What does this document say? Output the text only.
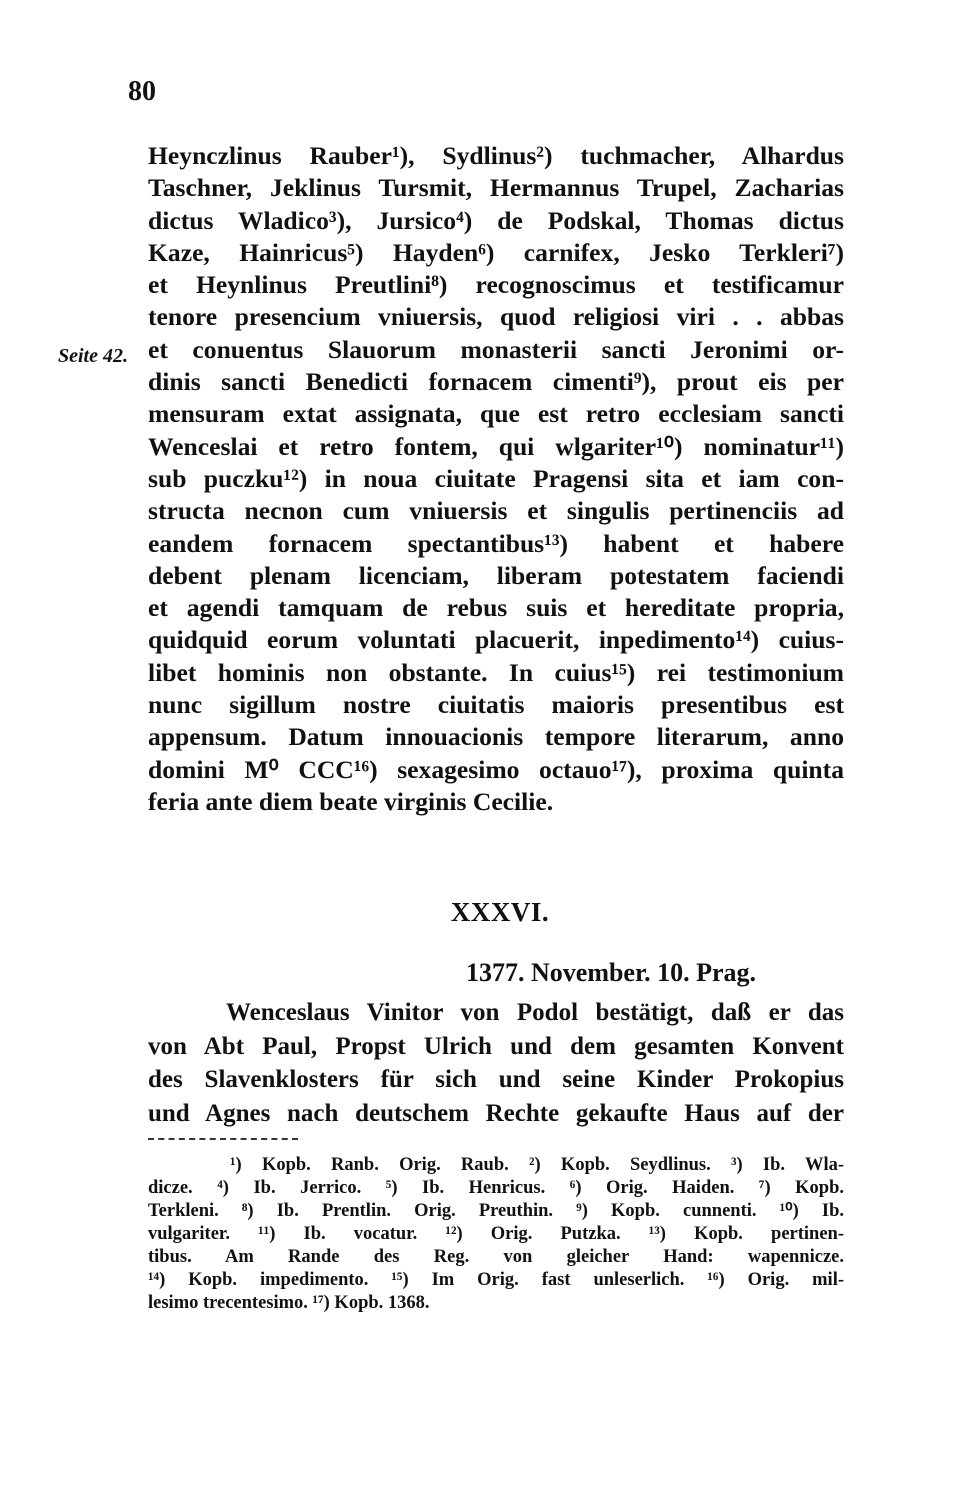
80
Seite 42.
Heynczlinus Rauber¹), Sydlinus²) tuchmacher, Alhardus
Taschner, Jeklinus Tursmit, Hermannus Trupel, Zacharias
dictus Wladico³), Jursico⁴) de Podskal, Thomas dictus
Kaze, Hainricus⁵) Hayden⁶) carnifex, Jesko Terkleri⁷)
et Heynlinus Preutlini⁸) recognoscimus et testificamur
tenore presencium vniuersis, quod religiosi viri . . abbas
et conuentus Slauorum monasterii sancti Jeronimi or-
dinis sancti Benedicti fornacem cimenti⁹), prout eis per
mensuram extat assignata, que est retro ecclesiam sancti
Wenceslai et retro fontem, qui wlgariter¹⁰) nominatur¹¹)
sub puczku¹²) in noua ciuitate Pragensi sita et iam con-
structa necnon cum vniuersis et singulis pertinenciis ad
eandem fornacem spectantibus¹³) habent et habere
debent plenam licenciam, liberam potestatem faciendi
et agendi tamquam de rebus suis et hereditate propria,
quidquid eorum voluntati placuerit, inpedimento¹⁴) cuius-
libet hominis non obstante. In cuius¹⁵) rei testimonium
nunc sigillum nostre ciuitatis maioris presentibus est
appensum. Datum innouacionis tempore literarum, anno
domini M⁰ CCC¹⁶) sexagesimo octauo¹⁷), proxima quinta
feria ante diem beate virginis Cecilie.
XXXVI.
1377. November. 10. Prag.
Wenceslaus Vinitor von Podol bestätigt, daß er das
von Abt Paul, Propst Ulrich und dem gesamten Konvent
des Slavenklosters für sich und seine Kinder Prokopius
und Agnes nach deutschem Rechte gekaufte Haus auf der
¹) Kopb. Ranb. Orig. Raub. ²) Kopb. Seydlinus. ³) Ib. Wla-
dicze. ⁴) Ib. Jerrico. ⁵) Ib. Henricus. ⁶) Orig. Haiden. ⁷) Kopb.
Terkleni. ⁸) Ib. Prentlin. Orig. Preuthin. ⁹) Kopb. cunnenti. ¹⁰) Ib.
vulgariter. ¹¹) Ib. vocatur. ¹²) Orig. Putzka. ¹³) Kopb. pertinen-
tibus. Am Rande des Reg. von gleicher Hand: wapennicze.
¹⁴) Kopb. impedimento. ¹⁵) Im Orig. fast unleserlich. ¹⁶) Orig. mil-
lesimo trecentesimo. ¹⁷) Kopb. 1368.
